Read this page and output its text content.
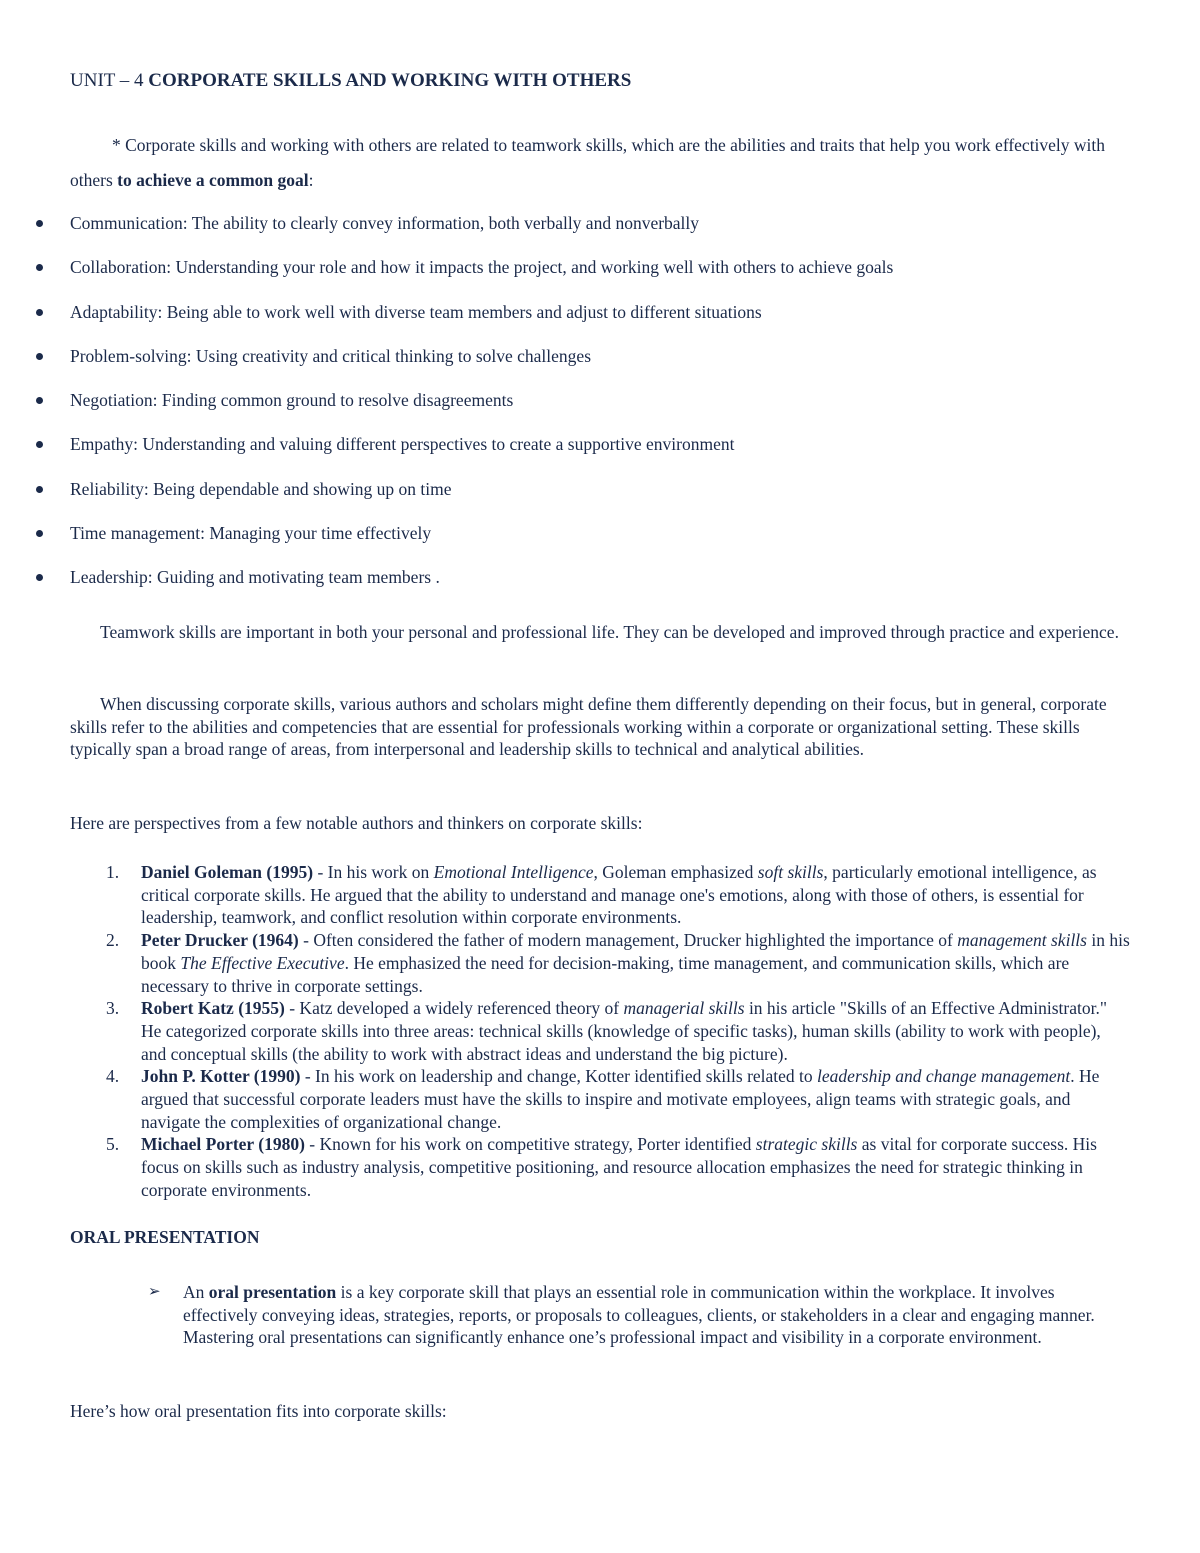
UNIT – 4 CORPORATE SKILLS AND WORKING WITH OTHERS
* Corporate skills and working with others are related to teamwork skills, which are the abilities and traits that help you work effectively with others to achieve a common goal:
Communication: The ability to clearly convey information, both verbally and nonverbally
Collaboration: Understanding your role and how it impacts the project, and working well with others to achieve goals
Adaptability: Being able to work well with diverse team members and adjust to different situations
Problem-solving: Using creativity and critical thinking to solve challenges
Negotiation: Finding common ground to resolve disagreements
Empathy: Understanding and valuing different perspectives to create a supportive environment
Reliability: Being dependable and showing up on time
Time management: Managing your time effectively
Leadership: Guiding and motivating team members .
Teamwork skills are important in both your personal and professional life. They can be developed and improved through practice and experience.
When discussing corporate skills, various authors and scholars might define them differently depending on their focus, but in general, corporate skills refer to the abilities and competencies that are essential for professionals working within a corporate or organizational setting. These skills typically span a broad range of areas, from interpersonal and leadership skills to technical and analytical abilities.
Here are perspectives from a few notable authors and thinkers on corporate skills:
1. Daniel Goleman (1995) - In his work on Emotional Intelligence, Goleman emphasized soft skills, particularly emotional intelligence, as critical corporate skills. He argued that the ability to understand and manage one's emotions, along with those of others, is essential for leadership, teamwork, and conflict resolution within corporate environments.
2. Peter Drucker (1964) - Often considered the father of modern management, Drucker highlighted the importance of management skills in his book The Effective Executive. He emphasized the need for decision-making, time management, and communication skills, which are necessary to thrive in corporate settings.
3. Robert Katz (1955) - Katz developed a widely referenced theory of managerial skills in his article "Skills of an Effective Administrator." He categorized corporate skills into three areas: technical skills (knowledge of specific tasks), human skills (ability to work with people), and conceptual skills (the ability to work with abstract ideas and understand the big picture).
4. John P. Kotter (1990) - In his work on leadership and change, Kotter identified skills related to leadership and change management. He argued that successful corporate leaders must have the skills to inspire and motivate employees, align teams with strategic goals, and navigate the complexities of organizational change.
5. Michael Porter (1980) - Known for his work on competitive strategy, Porter identified strategic skills as vital for corporate success. His focus on skills such as industry analysis, competitive positioning, and resource allocation emphasizes the need for strategic thinking in corporate environments.
ORAL PRESENTATION
➢ An oral presentation is a key corporate skill that plays an essential role in communication within the workplace. It involves effectively conveying ideas, strategies, reports, or proposals to colleagues, clients, or stakeholders in a clear and engaging manner. Mastering oral presentations can significantly enhance one’s professional impact and visibility in a corporate environment.
Here’s how oral presentation fits into corporate skills:
